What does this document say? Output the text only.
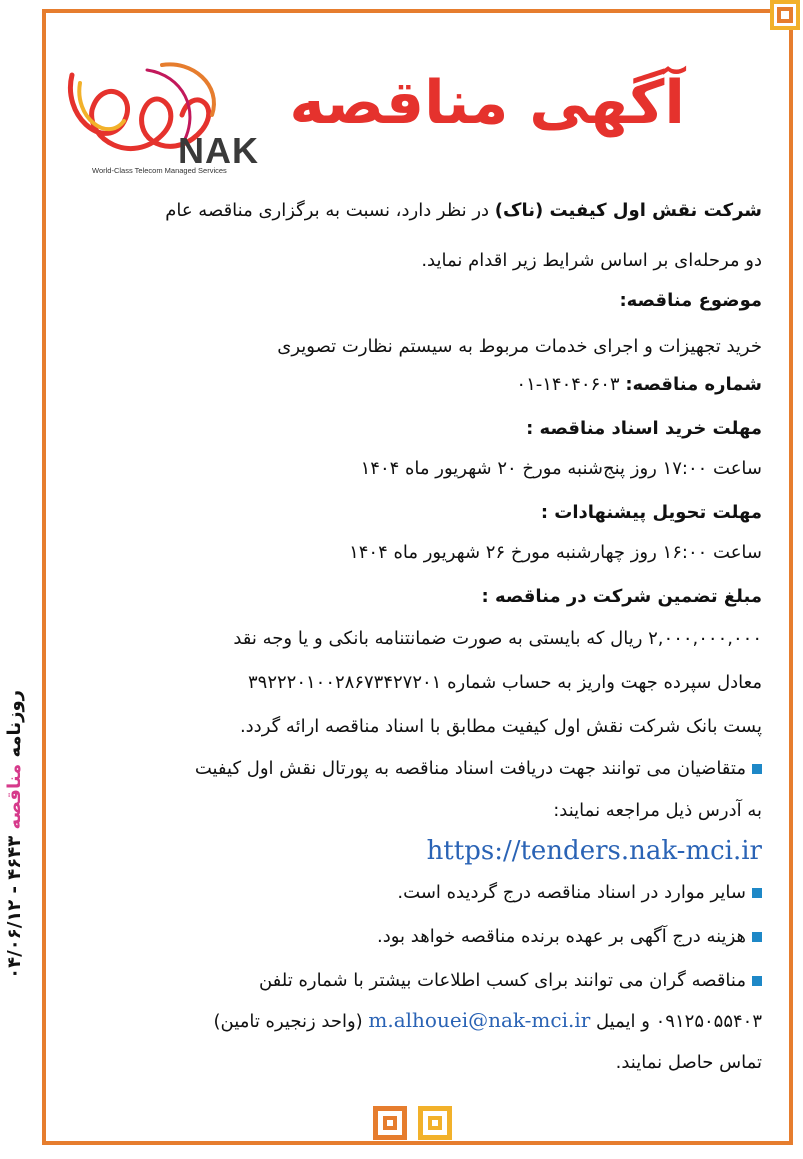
روزنامه مناقصه ۴۶۴۳ - ۰۴/۰۶/۱۲
NAK
World-Class Telecom Managed Services
آگهی مناقصه
شرکت نقش اول کیفیت (ناک) در نظر دارد، نسبت به برگزاری مناقصه عام
دو مرحله‌ای بر اساس شرایط زیر اقدام نماید.
موضوع مناقصه:
خرید تجهیزات و اجرای خدمات مربوط به سیستم نظارت تصویری
شماره مناقصه: ۱۴۰۴۰۶۰۳-۰۱
مهلت خرید اسناد مناقصه :
ساعت ۱۷:۰۰ روز پنج‌شنبه مورخ ۲۰ شهریور ماه ۱۴۰۴
مهلت تحویل پیشنهادات :
ساعت ۱۶:۰۰ روز چهارشنبه مورخ ۲۶ شهریور ماه ۱۴۰۴
مبلغ تضمین شرکت در مناقصه :
۲,۰۰۰,۰۰۰,۰۰۰ ریال که بایستی به صورت ضمانتنامه بانکی و یا وجه نقد
معادل سپرده جهت واریز به حساب شماره ۳۹۲۲۲۰۱۰۰۲۸۶۷۳۴۲۷۲۰۱
پست بانک شرکت نقش اول کیفیت مطابق با اسناد مناقصه ارائه گردد.
متقاضیان می توانند جهت دریافت اسناد مناقصه به پورتال نقش اول کیفیت
به آدرس ذیل مراجعه نمایند:
https://tenders.nak-mci.ir
سایر موارد در اسناد مناقصه درج گردیده است.
هزینه درج آگهی بر عهده برنده مناقصه خواهد بود.
مناقصه گران می توانند برای کسب اطلاعات بیشتر با شماره تلفن
۰۹۱۲۵۰۵۵۴۰۳ و ایمیل m.alhouei@nak-mci.ir (واحد زنجیره تامین)
تماس حاصل نمایند.
